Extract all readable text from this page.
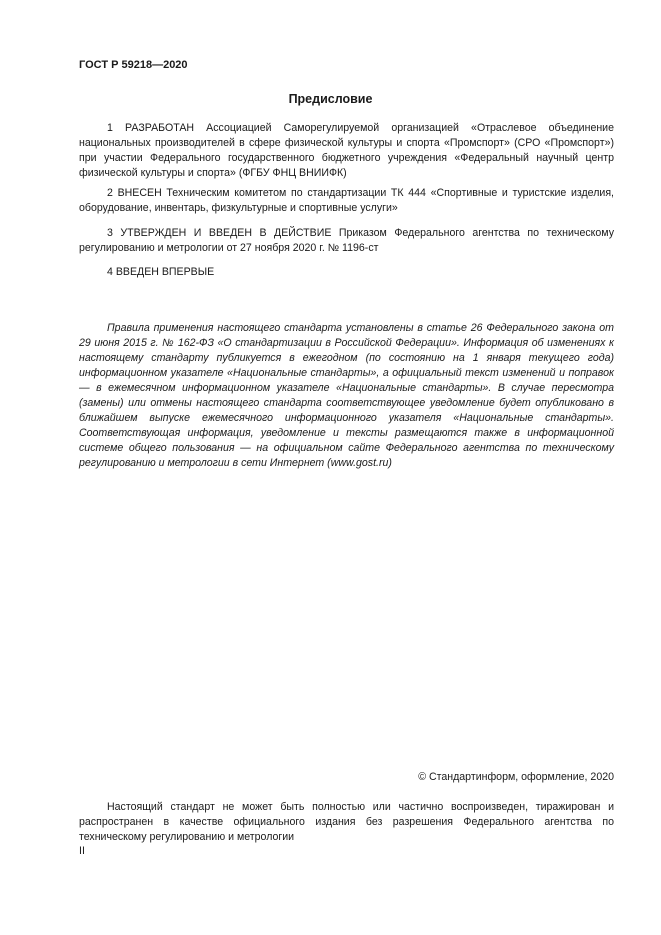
ГОСТ Р 59218—2020
Предисловие

1 РАЗРАБОТАН Ассоциацией Саморегулируемой организацией «Отраслевое объединение национальных производителей в сфере физической культуры и спорта «Промспорт» (СРО «Промспорт») при участии Федерального государственного бюджетного учреждения «Федеральный научный центр физической культуры и спорта» (ФГБУ ФНЦ ВНИИФК)

2 ВНЕСЕН Техническим комитетом по стандартизации ТК 444 «Спортивные и туристские изделия, оборудование, инвентарь, физкультурные и спортивные услуги»

3 УТВЕРЖДЕН И ВВЕДЕН В ДЕЙСТВИЕ Приказом Федерального агентства по техническому регулированию и метрологии от 27 ноября 2020 г. № 1196-ст

4 ВВЕДЕН ВПЕРВЫЕ

Правила применения настоящего стандарта установлены в статье 26 Федерального закона от 29 июня 2015 г. № 162-ФЗ «О стандартизации в Российской Федерации». Информация об изменениях к настоящему стандарту публикуется в ежегодном (по состоянию на 1 января текущего года) информационном указателе «Национальные стандарты», а официальный текст изменений и поправок — в ежемесячном информационном указателе «Национальные стандарты». В случае пересмотра (замены) или отмены настоящего стандарта соответствующее уведомление будет опубликовано в ближайшем выпуске ежемесячного информационного указателя «Национальные стандарты». Соответствующая информация, уведомление и тексты размещаются также в информационной системе общего пользования — на официальном сайте Федерального агентства по техническому регулированию и метрологии в сети Интернет (www.gost.ru)

© Стандартинформ, оформление, 2020

Настоящий стандарт не может быть полностью или частично воспроизведен, тиражирован и распространен в качестве официального издания без разрешения Федерального агентства по техническому регулированию и метрологии

II
